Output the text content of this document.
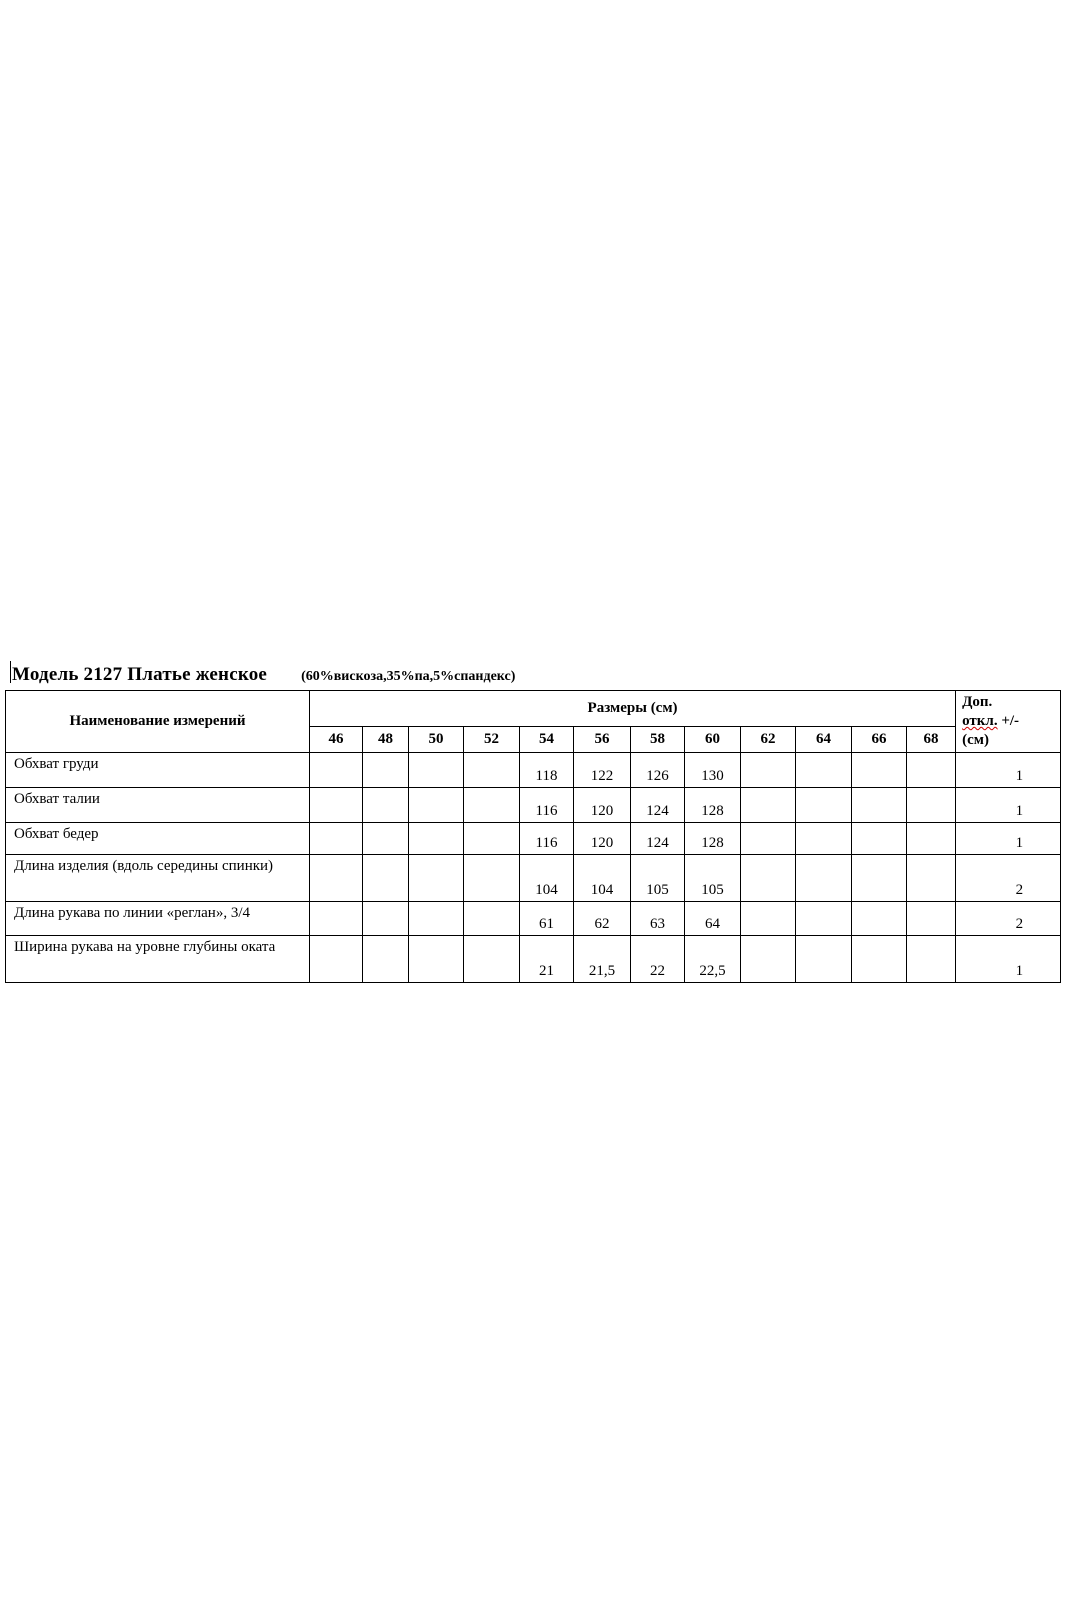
Модель 2127 Платье женское (60%вискоза,35%па,5%спандекс)
Наименование измерений	Размеры (см)												Доп.
откл. +/-
(см)
	46	48	50	52	54	56	58	60	62	64	66	68	
Обхват груди					118	122	126	130					1
Обхват талии					116	120	124	128					1
Обхват бедер					116	120	124	128					1
Длина изделия (вдоль середины спинки)					104	104	105	105					2
Длина рукава по линии «реглан», 3/4					61	62	63	64					2
Ширина рукава на уровне глубины оката					21	21,5	22	22,5					1
